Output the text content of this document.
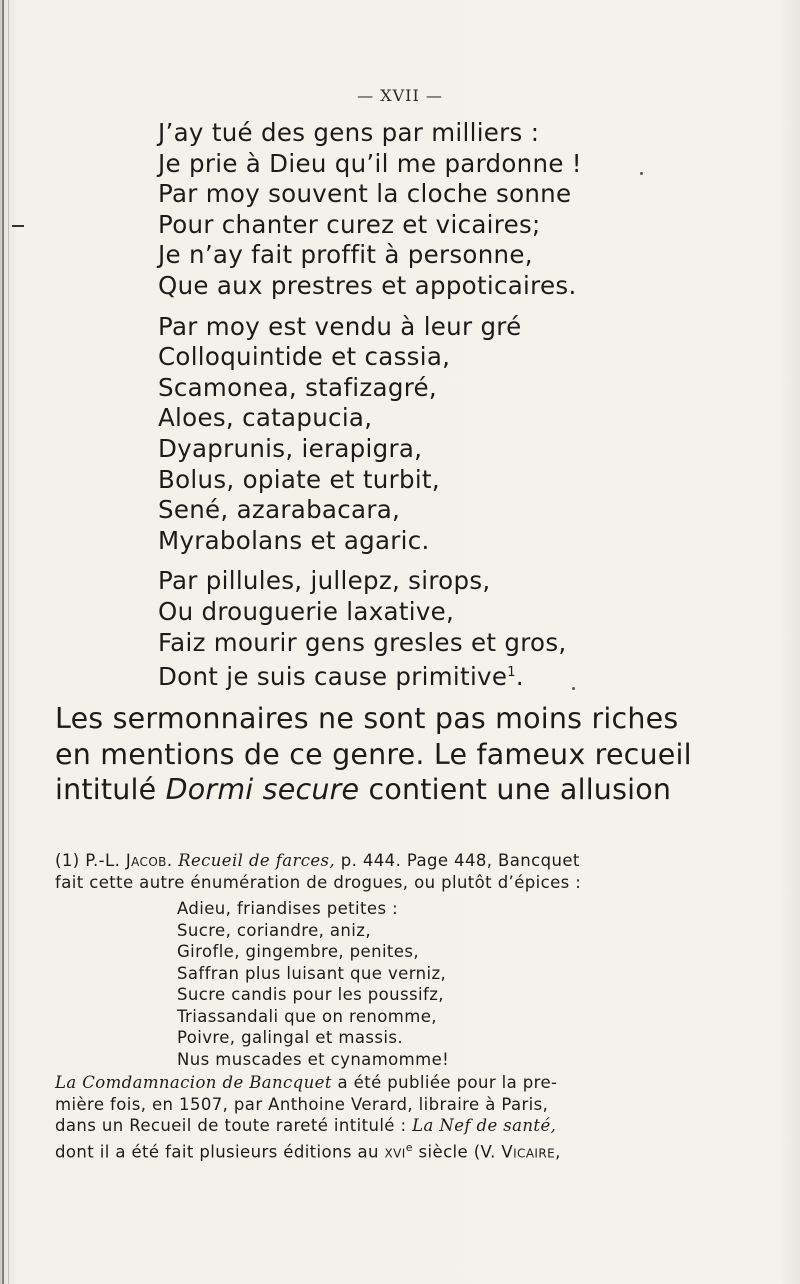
— XVII —
J’ay tué des gens par milliers :
Je prie à Dieu qu’il me pardonne !
Par moy souvent la cloche sonne
Pour chanter curez et vicaires;
Je n’ay fait proffit à personne,
Que aux prestres et appoticaires.
Par moy est vendu à leur gré
Colloquintide et cassia,
Scamonea, stafizagré,
Aloes, catapucia,
Dyaprunis, ierapigra,
Bolus, opiate et turbit,
Sené, azarabacara,
Myrabolans et agaric.
Par pillules, jullepz, sirops,
Ou drouguerie laxative,
Faiz mourir gens gresles et gros,
Dont je suis cause primitive$^1$.
Les sermonnaires ne sont pas moins riches
en mentions de ce genre. Le fameux recueil
intitulé Dormi secure contient une allusion
(1) P.-L. Jacob. Recueil de farces, p. 444. Page 448, Bancquet
fait cette autre énumération de drogues, ou plutôt d’épices :
Adieu, friandises petites :
Sucre, coriandre, aniz,
Girofle, gingembre, penites,
Saffran plus luisant que verniz,
Sucre candis pour les poussifz,
Triassandali que on renomme,
Poivre, galingal et massis.
Nus muscades et cynamomme!
La Comdamnacion de Bancquet a été publiée pour la pre-
mière fois, en 1507, par Anthoine Verard, libraire à Paris,
dans un Recueil de toute rareté intitulé : La Nef de santé,
dont il a été fait plusieurs éditions au xvi$^e$ siècle (V. Vicaire,
